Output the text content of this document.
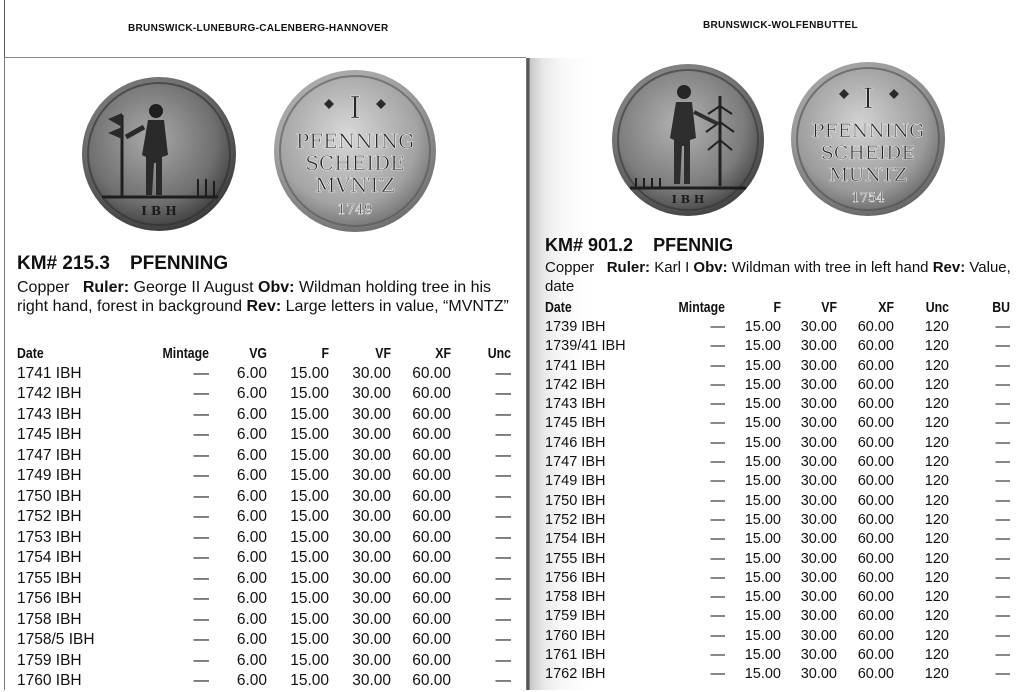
BRUNSWICK-LUNEBURG-CALENBERG-HANNOVER
I B H
I
PFENNING
SCHEIDE
MVNTZ
1749
KM# 215.3 PFENNING
Copper Ruler: George II August Obv: Wildman holding tree in his right hand, forest in background Rev: Large letters in value, “MVNTZ”
Date	Mintage	VG	F	VF	XF	Unc
1741 IBH	—	6.00	15.00	30.00	60.00	—
1742 IBH	—	6.00	15.00	30.00	60.00	—
1743 IBH	—	6.00	15.00	30.00	60.00	—
1745 IBH	—	6.00	15.00	30.00	60.00	—
1747 IBH	—	6.00	15.00	30.00	60.00	—
1749 IBH	—	6.00	15.00	30.00	60.00	—
1750 IBH	—	6.00	15.00	30.00	60.00	—
1752 IBH	—	6.00	15.00	30.00	60.00	—
1753 IBH	—	6.00	15.00	30.00	60.00	—
1754 IBH	—	6.00	15.00	30.00	60.00	—
1755 IBH	—	6.00	15.00	30.00	60.00	—
1756 IBH	—	6.00	15.00	30.00	60.00	—
1758 IBH	—	6.00	15.00	30.00	60.00	—
1758/5 IBH	—	6.00	15.00	30.00	60.00	—
1759 IBH	—	6.00	15.00	30.00	60.00	—
1760 IBH	—	6.00	15.00	30.00	60.00	—
BRUNSWICK-WOLFENBUTTEL
I B H
I
PFENNING
SCHEIDE
MUNTZ
1754
KM# 901.2 PFENNIG
Copper Ruler: Karl I Obv: Wildman with tree in left hand Rev: Value, date
Date	Mintage	F	VF	XF	Unc	BU
1739 IBH	—	15.00	30.00	60.00	120	—
1739/41 IBH	—	15.00	30.00	60.00	120	—
1741 IBH	—	15.00	30.00	60.00	120	—
1742 IBH	—	15.00	30.00	60.00	120	—
1743 IBH	—	15.00	30.00	60.00	120	—
1745 IBH	—	15.00	30.00	60.00	120	—
1746 IBH	—	15.00	30.00	60.00	120	—
1747 IBH	—	15.00	30.00	60.00	120	—
1749 IBH	—	15.00	30.00	60.00	120	—
1750 IBH	—	15.00	30.00	60.00	120	—
1752 IBH	—	15.00	30.00	60.00	120	—
1754 IBH	—	15.00	30.00	60.00	120	—
1755 IBH	—	15.00	30.00	60.00	120	—
1756 IBH	—	15.00	30.00	60.00	120	—
1758 IBH	—	15.00	30.00	60.00	120	—
1759 IBH	—	15.00	30.00	60.00	120	—
1760 IBH	—	15.00	30.00	60.00	120	—
1761 IBH	—	15.00	30.00	60.00	120	—
1762 IBH	—	15.00	30.00	60.00	120	—
